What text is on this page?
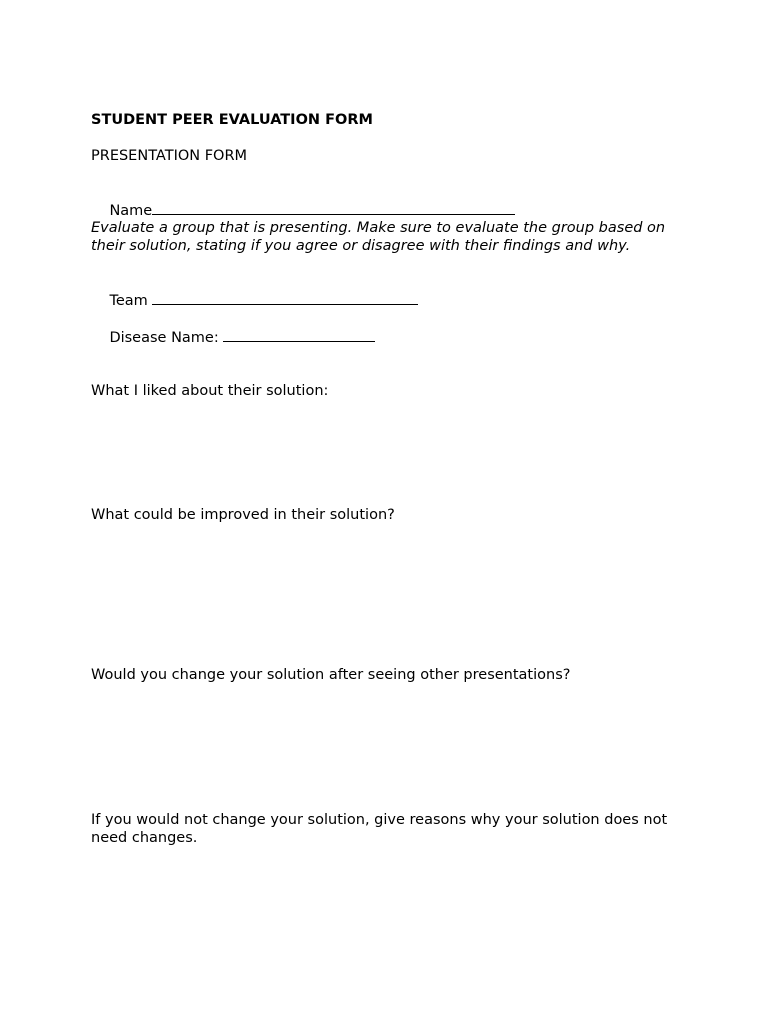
STUDENT PEER EVALUATION FORM
PRESENTATION FORM

Name

Evaluate a group that is presenting. Make sure to evaluate the group based on their solution, stating if you agree or disagree with their findings and why.

Team

Disease Name:

What I liked about their solution:
What could be improved in their solution?
Would you change your solution after seeing other presentations?
If you would not change your solution, give reasons why your solution does not need changes.
